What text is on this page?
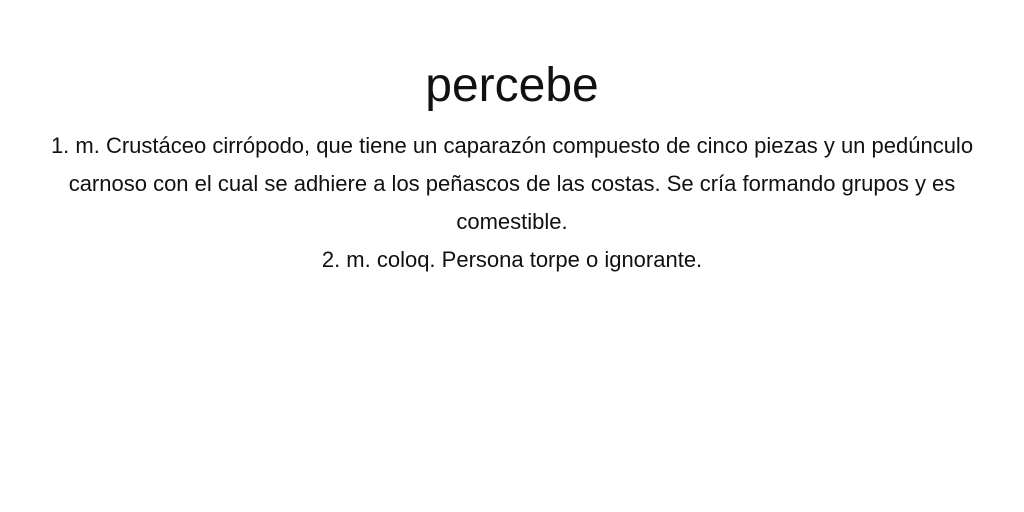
percebe

1. m. Crustáceo cirrópodo, que tiene un caparazón compuesto de cinco piezas y un pedúnculo carnoso con el cual se adhiere a los peñascos de las costas. Se cría formando grupos y es comestible.

2. m. coloq. Persona torpe o ignorante.
